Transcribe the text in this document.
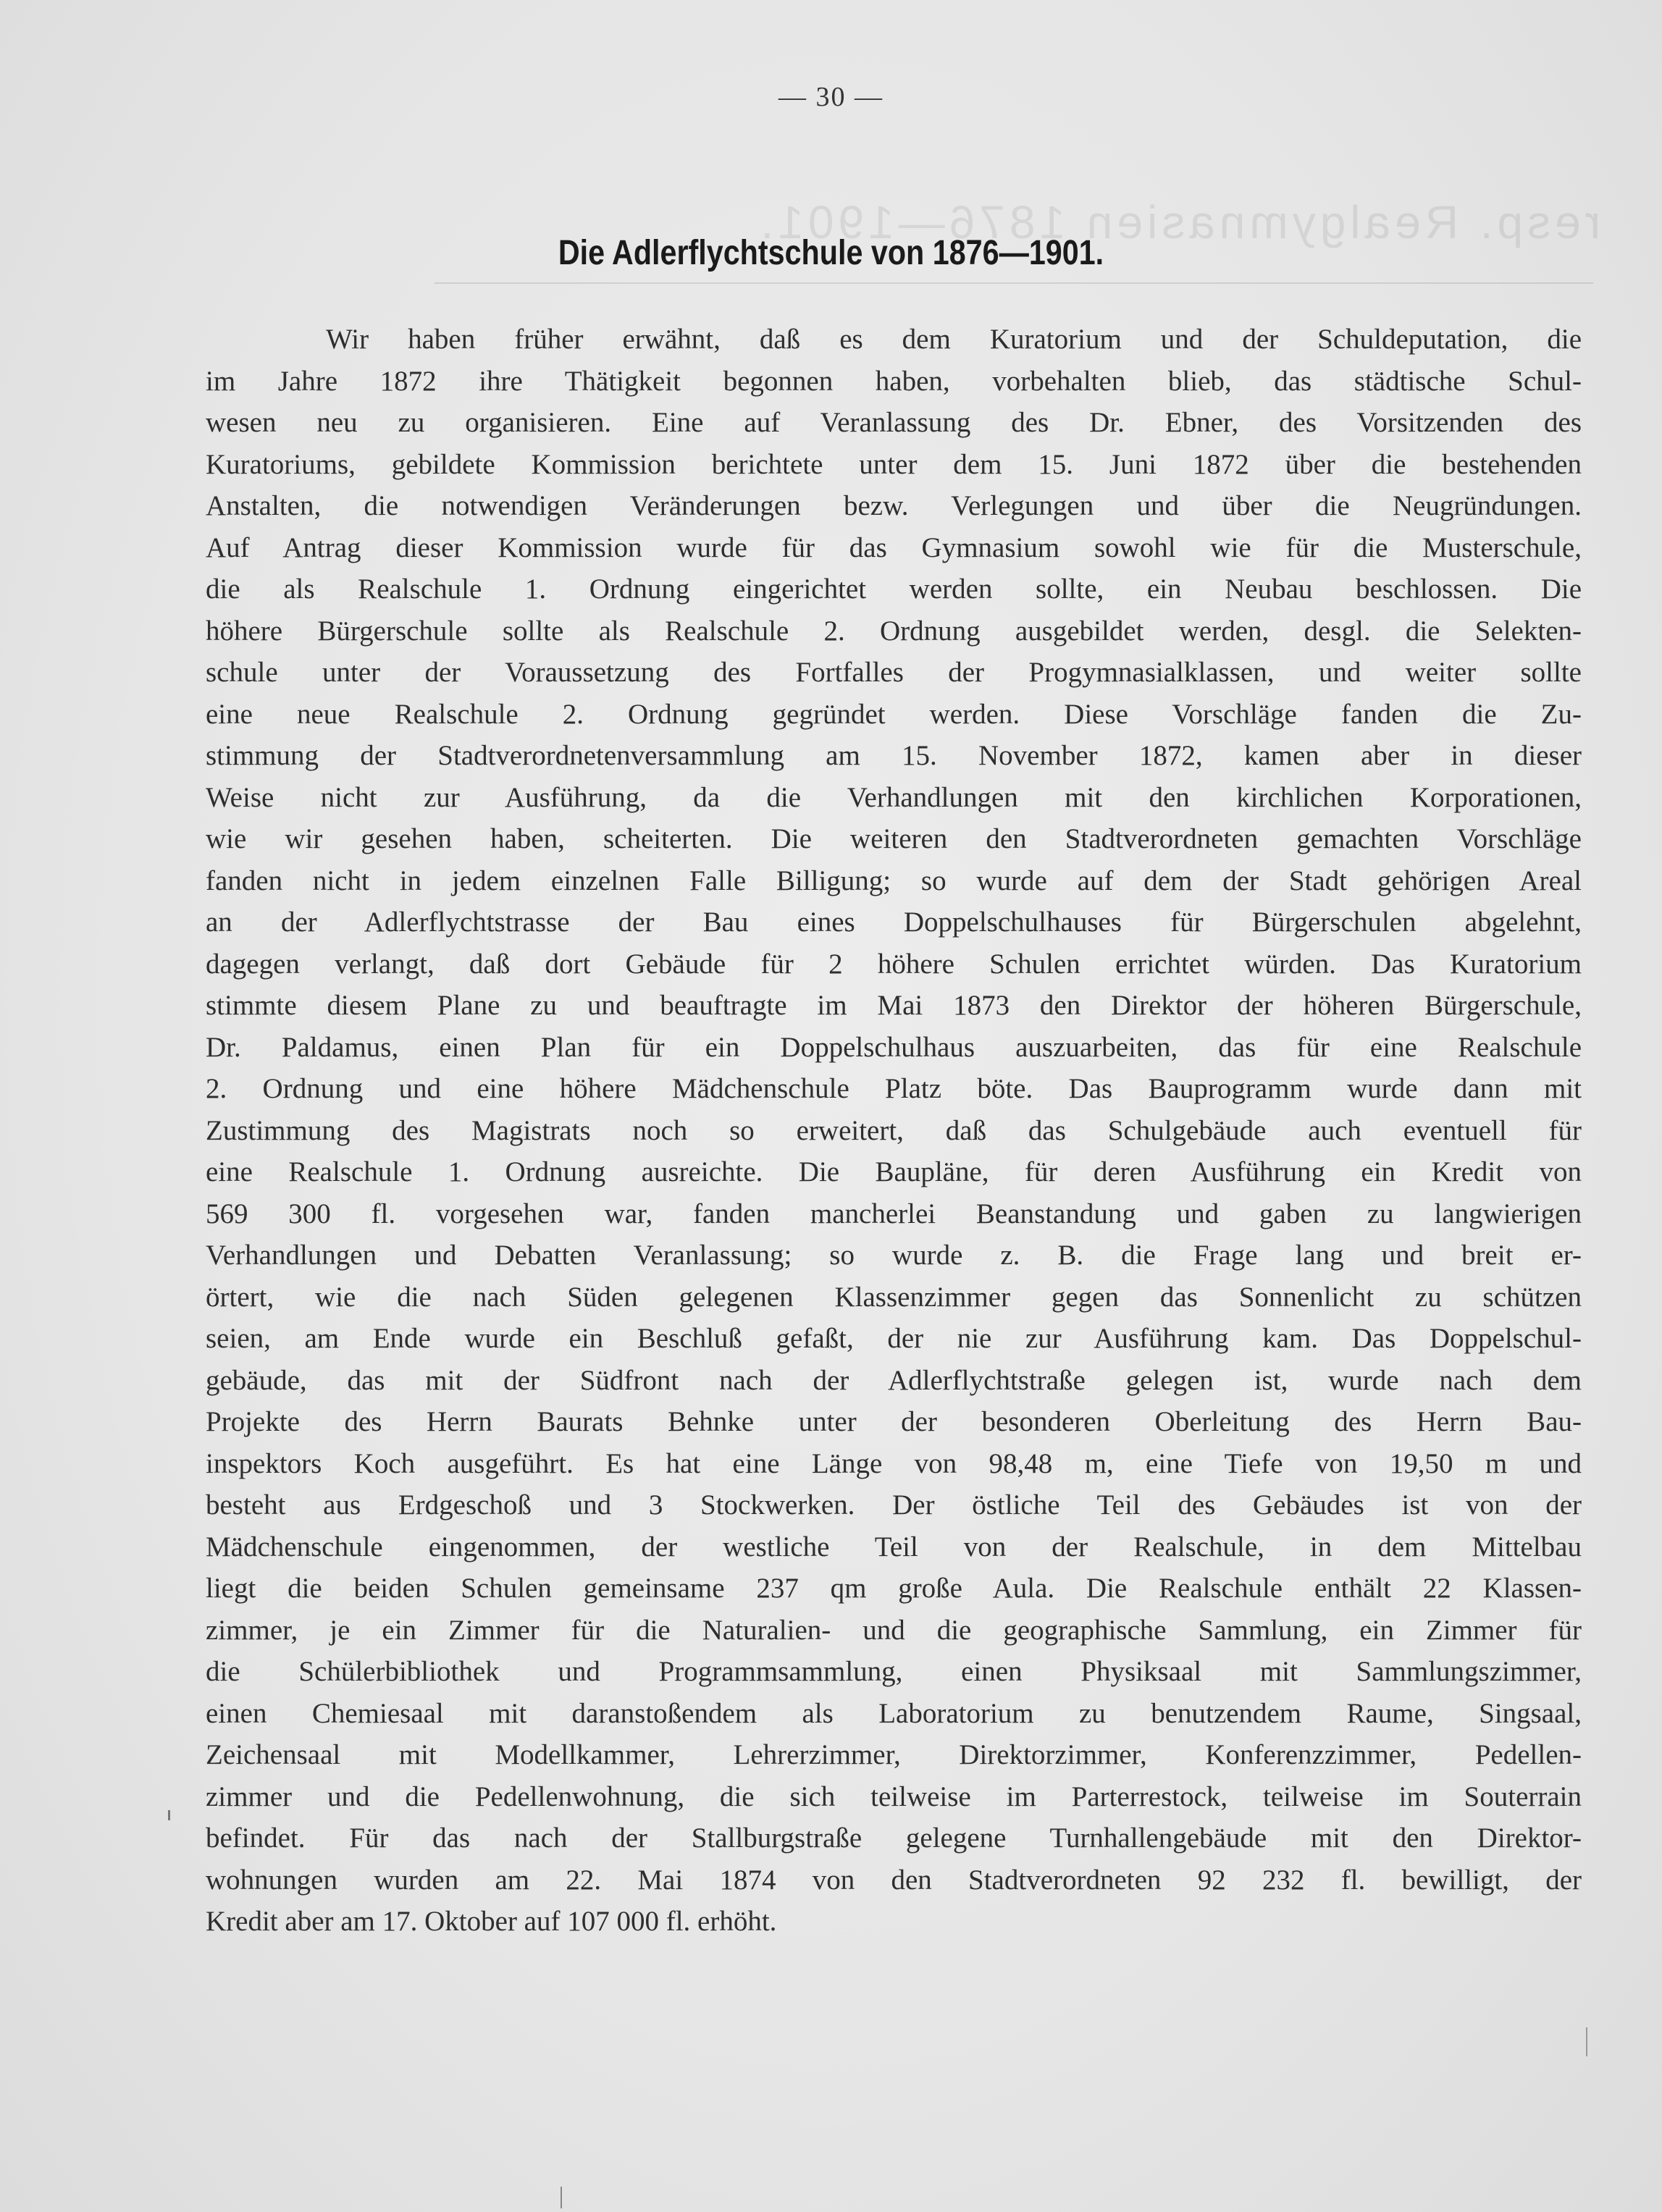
resp. Realgymnasien 1876—1901.
— 30 —
Die Adlerflychtschule von 1876—1901.
Wir haben früher erwähnt, daß es dem Kuratorium und der Schuldeputation, die
im Jahre 1872 ihre Thätigkeit begonnen haben, vorbehalten blieb, das städtische Schul-
wesen neu zu organisieren. Eine auf Veranlassung des Dr. Ebner, des Vorsitzenden des
Kuratoriums, gebildete Kommission berichtete unter dem 15. Juni 1872 über die bestehenden
Anstalten, die notwendigen Veränderungen bezw. Verlegungen und über die Neugründungen.
Auf Antrag dieser Kommission wurde für das Gymnasium sowohl wie für die Musterschule,
die als Realschule 1. Ordnung eingerichtet werden sollte, ein Neubau beschlossen. Die
höhere Bürgerschule sollte als Realschule 2. Ordnung ausgebildet werden, desgl. die Selekten-
schule unter der Voraussetzung des Fortfalles der Progymnasialklassen, und weiter sollte
eine neue Realschule 2. Ordnung gegründet werden. Diese Vorschläge fanden die Zu-
stimmung der Stadtverordnetenversammlung am 15. November 1872, kamen aber in dieser
Weise nicht zur Ausführung, da die Verhandlungen mit den kirchlichen Korporationen,
wie wir gesehen haben, scheiterten. Die weiteren den Stadtverordneten gemachten Vorschläge
fanden nicht in jedem einzelnen Falle Billigung; so wurde auf dem der Stadt gehörigen Areal
an der Adlerflychtstrasse der Bau eines Doppelschulhauses für Bürgerschulen abgelehnt,
dagegen verlangt, daß dort Gebäude für 2 höhere Schulen errichtet würden. Das Kuratorium
stimmte diesem Plane zu und beauftragte im Mai 1873 den Direktor der höheren Bürgerschule,
Dr. Paldamus, einen Plan für ein Doppelschulhaus auszuarbeiten, das für eine Realschule
2. Ordnung und eine höhere Mädchenschule Platz böte. Das Bauprogramm wurde dann mit
Zustimmung des Magistrats noch so erweitert, daß das Schulgebäude auch eventuell für
eine Realschule 1. Ordnung ausreichte. Die Baupläne, für deren Ausführung ein Kredit von
569 300 fl. vorgesehen war, fanden mancherlei Beanstandung und gaben zu langwierigen
Verhandlungen und Debatten Veranlassung; so wurde z. B. die Frage lang und breit er-
örtert, wie die nach Süden gelegenen Klassenzimmer gegen das Sonnenlicht zu schützen
seien, am Ende wurde ein Beschluß gefaßt, der nie zur Ausführung kam. Das Doppelschul-
gebäude, das mit der Südfront nach der Adlerflychtstraße gelegen ist, wurde nach dem
Projekte des Herrn Baurats Behnke unter der besonderen Oberleitung des Herrn Bau-
inspektors Koch ausgeführt. Es hat eine Länge von 98,48 m, eine Tiefe von 19,50 m und
besteht aus Erdgeschoß und 3 Stockwerken. Der östliche Teil des Gebäudes ist von der
Mädchenschule eingenommen, der westliche Teil von der Realschule, in dem Mittelbau
liegt die beiden Schulen gemeinsame 237 qm große Aula. Die Realschule enthält 22 Klassen-
zimmer, je ein Zimmer für die Naturalien- und die geographische Sammlung, ein Zimmer für
die Schülerbibliothek und Programmsammlung, einen Physiksaal mit Sammlungszimmer,
einen Chemiesaal mit daranstoßendem als Laboratorium zu benutzendem Raume, Singsaal,
Zeichensaal mit Modellkammer, Lehrerzimmer, Direktorzimmer, Konferenzzimmer, Pedellen-
zimmer und die Pedellenwohnung, die sich teilweise im Parterrestock, teilweise im Souterrain
befindet. Für das nach der Stallburgstraße gelegene Turnhallengebäude mit den Direktor-
wohnungen wurden am 22. Mai 1874 von den Stadtverordneten 92 232 fl. bewilligt, der
Kredit aber am 17. Oktober auf 107 000 fl. erhöht.
